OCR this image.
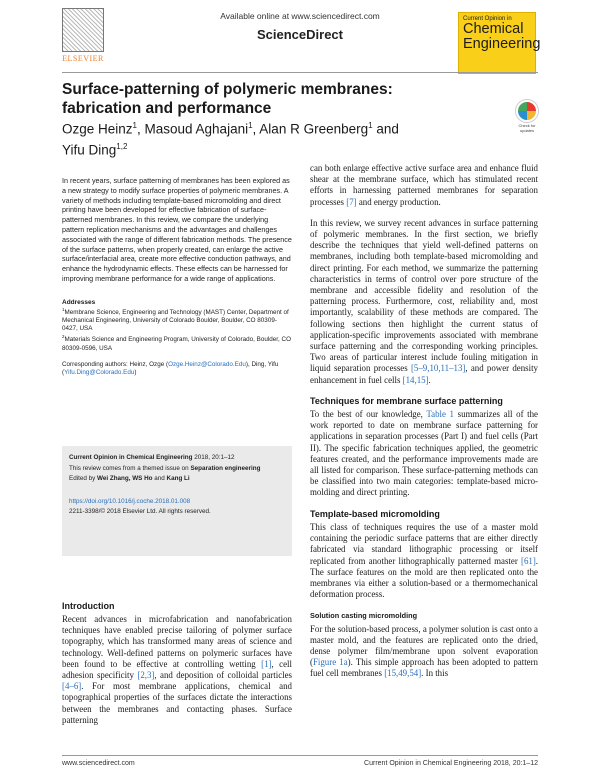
ELSEVIER
Available online at www.sciencedirect.com
ScienceDirect
Current Opinion in
Chemical
Engineering
Surface-patterning of polymeric membranes: fabrication and performance
Ozge Heinz$^1$, Masoud Aghajani$^1$, Alan R Greenberg$^1$ and
Yifu Ding$^{1,2}$
Check for updates

In recent years, surface patterning of membranes has been explored as a new strategy to modify surface properties of polymeric membranes. A variety of methods including template-based micromolding and direct printing have been developed for effective fabrication of surface-patterned membranes. In this review, we compare the underlying pattern replication mechanisms and the advantages and challenges associated with the range of different fabrication methods. The presence of the surface patterns, when properly created, can enlarge the active surface/interfacial area, create more effective conduction pathways, and enhance the hydrodynamic effects. These effects can be harnessed for improving membrane performance for a wide range of applications.

Addresses
$^1$Membrane Science, Engineering and Technology (MAST) Center, Department of Mechanical Engineering, University of Colorado Boulder, Boulder, CO 80309-0427, USA
$^2$Materials Science and Engineering Program, University of Colorado, Boulder, CO 80309-0596, USA
Corresponding authors: Heinz, Ozge (Ozge.Heinz@Colorado.Edu), Ding, Yifu (Yifu.Ding@Colorado.Edu)
Current Opinion in Chemical Engineering 2018, 20:1–12
This review comes from a themed issue on Separation engineering
Edited by Wei Zhang, WS Ho and Kang Li
https://doi.org/10.1016/j.coche.2018.01.008
2211-3398/© 2018 Elsevier Ltd. All rights reserved.
Introduction

Recent advances in microfabrication and nanofabrication techniques have enabled precise tailoring of polymer surface topography, which has transformed many areas of science and technology. Well-defined patterns on polymeric surfaces have been found to be effective at controlling wetting [1], cell adhesion specificity [2,3], and deposition of colloidal particles [4–6]. For most membrane applications, chemical and topographical properties of the surfaces dictate the interactions between the membranes and contacting phases. Surface patterning

can both enlarge effective active surface area and enhance fluid shear at the membrane surface, which has stimulated recent efforts in harnessing patterned membranes for separation processes [7] and energy production.

In this review, we survey recent advances in surface patterning of polymeric membranes. In the first section, we briefly describe the techniques that yield well-defined patterns on membranes, including both template-based micromolding and direct printing. For each method, we summarize the patterning characteristics in terms of control over pore structure of the membrane and accessible fidelity and resolution of the patterning process. Furthermore, cost, reliability and, most importantly, scalability of these methods are compared. The following sections then highlight the current status of application-specific improvements associated with membrane surface patterning and the corresponding working principles. Two areas of particular interest include fouling mitigation in liquid separation processes [5–9,10,11–13], and power density enhancement in fuel cells [14,15].

Techniques for membrane surface patterning

To the best of our knowledge, Table 1 summarizes all of the work reported to date on membrane surface patterning for applications in separation processes (Part I) and fuel cells (Part II). The specific fabrication techniques applied, the geometric features created, and the performance improvements made are all listed for comparison. These surface-patterning methods can be classified into two main categories: template-based micro-molding and direct printing.

Template-based micromolding

This class of techniques requires the use of a master mold containing the periodic surface patterns that are either directly fabricated via standard lithographic processing or itself replicated from another lithographically patterned master [61]. The surface features on the mold are then replicated onto the membranes via either a solution-based or a thermomechanical deformation process.

Solution casting micromolding

For the solution-based process, a polymer solution is cast onto a master mold, and the features are replicated onto the dried, dense polymer film/membrane upon solvent evaporation (Figure 1a). This simple approach has been adopted to pattern fuel cell membranes [15,49,54]. In this

www.sciencedirect.com	Current Opinion in Chemical Engineering 2018, 20:1–12
